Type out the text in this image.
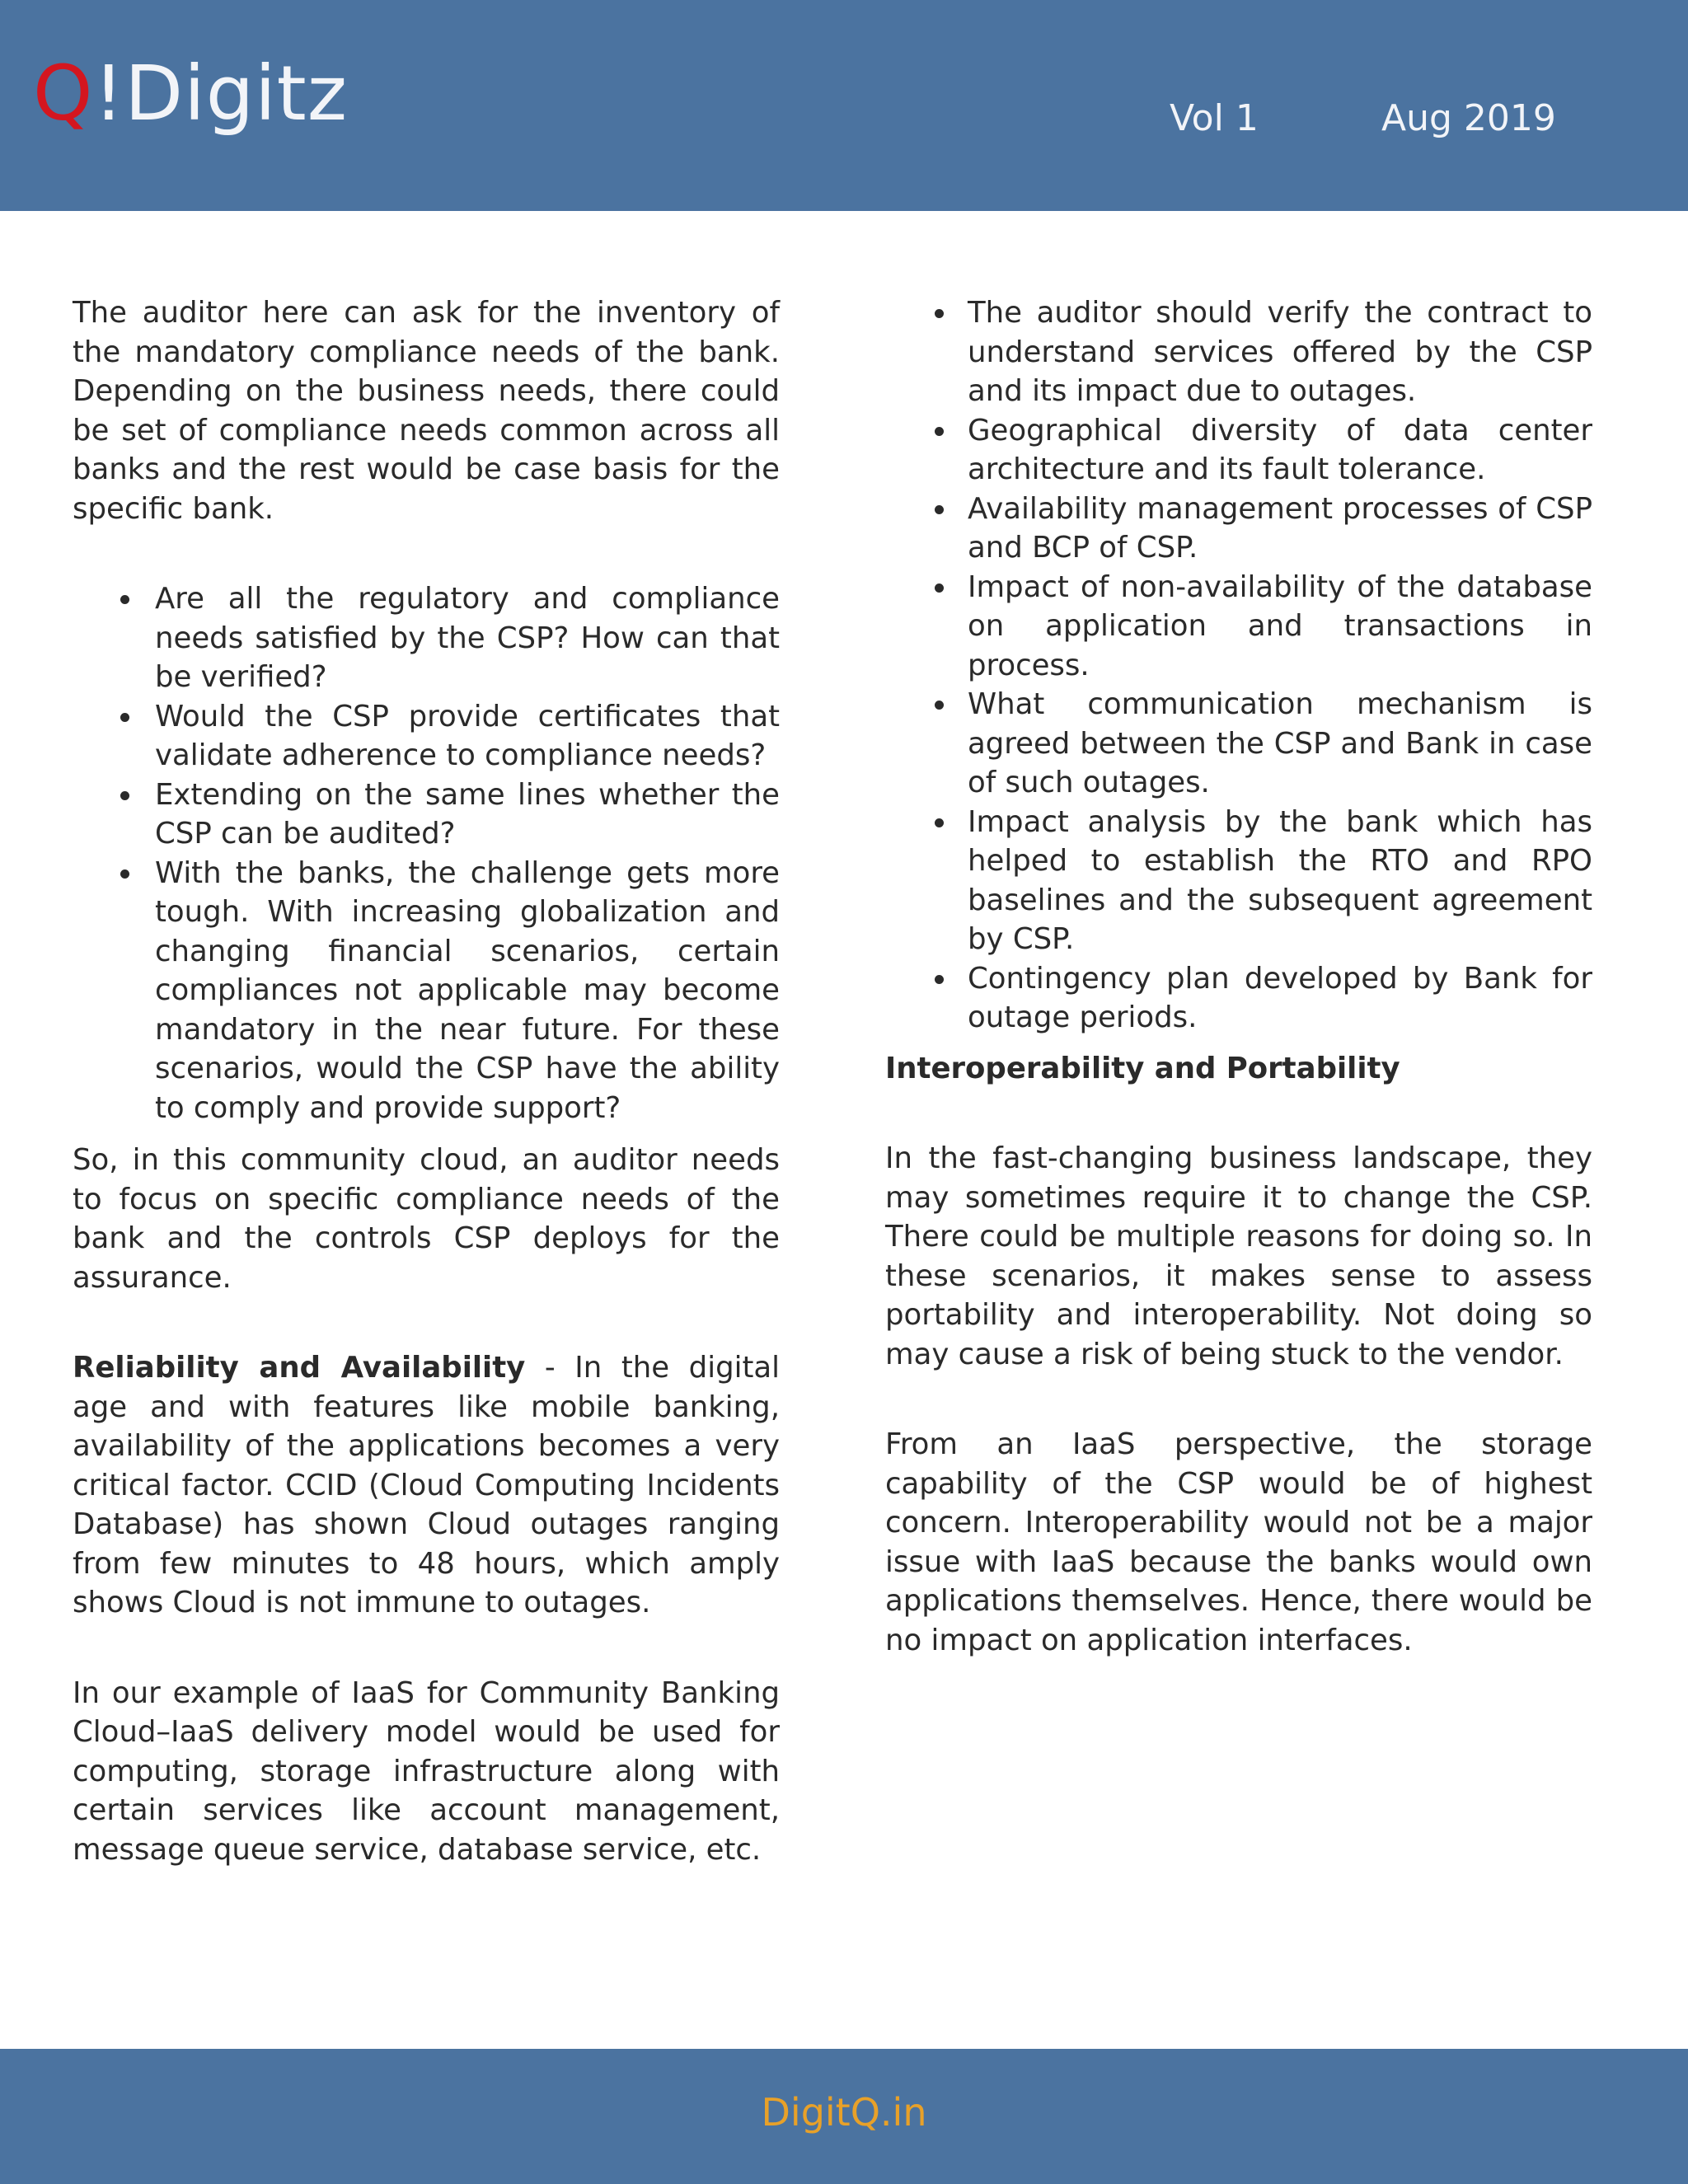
Q!Digitz	Vol 1	Aug 2019

The auditor here can ask for the inventory of the mandatory compliance needs of the bank. Depending on the business needs, there could be set of compliance needs common across all banks and the rest would be case basis for the specific bank.

Are all the regulatory and compliance needs satisfied by the CSP? How can that be verified?
Would the CSP provide certificates that validate adherence to compliance needs?
Extending on the same lines whether the CSP can be audited?
With the banks, the challenge gets more tough. With increasing globalization and changing financial scenarios, certain compliances not applicable may become mandatory in the near future. For these scenarios, would the CSP have the ability to comply and provide support?

So, in this community cloud, an auditor needs to focus on specific compliance needs of the bank and the controls CSP deploys for the assurance.

Reliability and Availability - In the digital age and with features like mobile banking, availability of the applications becomes a very critical factor. CCID (Cloud Computing Incidents Database) has shown Cloud outages ranging from few minutes to 48 hours, which amply shows Cloud is not immune to outages.

In our example of IaaS for Community Banking Cloud–IaaS delivery model would be used for computing, storage infrastructure along with certain services like account management, message queue service, database service, etc.

The auditor should verify the contract to understand services offered by the CSP and its impact due to outages.
Geographical diversity of data center architecture and its fault tolerance.
Availability management processes of CSP and BCP of CSP.
Impact of non-availability of the database on application and transactions in process.
What communication mechanism is agreed between the CSP and Bank in case of such outages.
Impact analysis by the bank which has helped to establish the RTO and RPO baselines and the subsequent agreement by CSP.
Contingency plan developed by Bank for outage periods.

Interoperability and Portability

In the fast-changing business landscape, they may sometimes require it to change the CSP. There could be multiple reasons for doing so. In these scenarios, it makes sense to assess portability and interoperability. Not doing so may cause a risk of being stuck to the vendor.

From an IaaS perspective, the storage capability of the CSP would be of highest concern. Interoperability would not be a major issue with IaaS because the banks would own applications themselves. Hence, there would be no impact on application interfaces.

DigitQ.in
